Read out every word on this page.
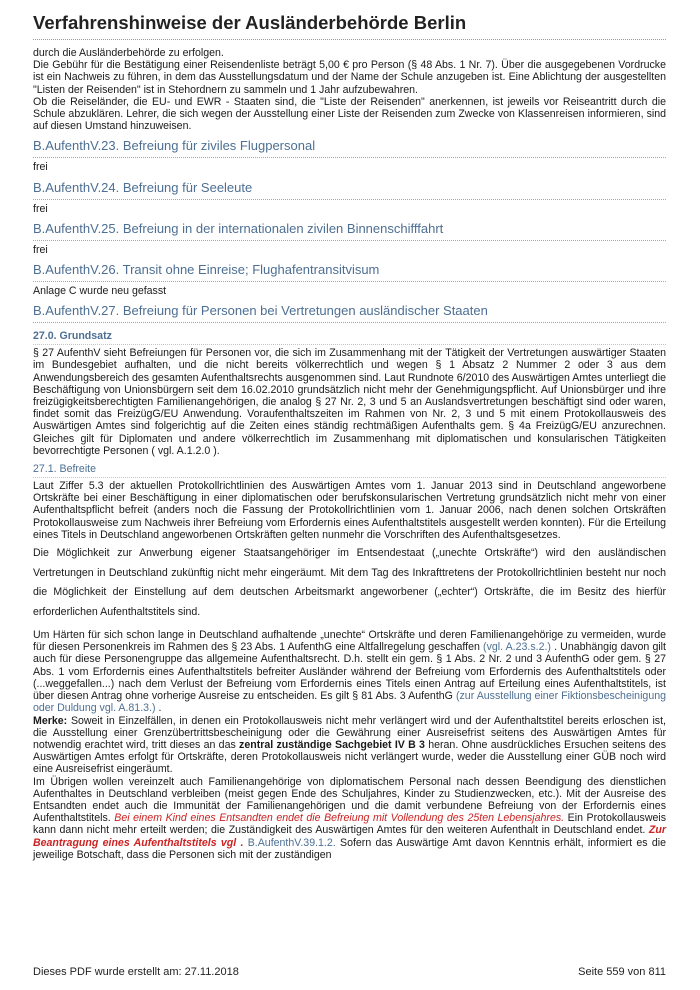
Verfahrenshinweise der Ausländerbehörde Berlin

durch die Ausländerbehörde zu erfolgen.

Die Gebühr für die Bestätigung einer Reisendenliste beträgt 5,00 € pro Person (§ 48 Abs. 1 Nr. 7). Über die ausgegebenen Vordrucke ist ein Nachweis zu führen, in dem das Ausstellungsdatum und der Name der Schule anzugeben ist. Eine Ablichtung der ausgestellten "Listen der Reisenden" ist in Stehordnern zu sammeln und 1 Jahr aufzubewahren.

Ob die Reiseländer, die EU- und EWR - Staaten sind, die "Liste der Reisenden" anerkennen, ist jeweils vor Reiseantritt durch die Schule abzuklären. Lehrer, die sich wegen der Ausstellung einer Liste der Reisenden zum Zwecke von Klassenreisen informieren, sind auf diesen Umstand hinzuweisen.

B.AufenthV.23. Befreiung für ziviles Flugpersonal

frei

B.AufenthV.24. Befreiung für Seeleute

frei

B.AufenthV.25. Befreiung in der internationalen zivilen Binnenschifffahrt

frei

B.AufenthV.26. Transit ohne Einreise; Flughafentransitvisum

Anlage C wurde neu gefasst

B.AufenthV.27. Befreiung für Personen bei Vertretungen ausländischer Staaten
27.0. Grundsatz

§ 27 AufenthV sieht Befreiungen für Personen vor, die sich im Zusammenhang mit der Tätigkeit der Vertretungen auswärtiger Staaten im Bundesgebiet aufhalten, und die nicht bereits völkerrechtlich und wegen § 1 Absatz 2 Nummer 2 oder 3 aus dem Anwendungsbereich des gesamten Aufenthaltsrechts ausgenommen sind. Laut Rundnote 6/2010 des Auswärtigen Amtes unterliegt die Beschäftigung von Unionsbürgern seit dem 16.02.2010 grundsätzlich nicht mehr der Genehmigungspflicht. Auf Unionsbürger und ihre freizügigkeitsberechtigten Familienangehörigen, die analog § 27 Nr. 2, 3 und 5 an Auslandsvertretungen beschäftigt sind oder waren, findet somit das FreizügG/EU Anwendung. Voraufenthaltszeiten im Rahmen von Nr. 2, 3 und 5 mit einem Protokollausweis des Auswärtigen Amtes sind folgerichtig auf die Zeiten eines ständig rechtmäßigen Aufenthalts gem. § 4a FreizügG/EU anzurechnen. Gleiches gilt für Diplomaten und andere völkerrechtlich im Zusammenhang mit diplomatischen und konsularischen Tätigkeiten bevorrechtigte Personen ( vgl. A.1.2.0 ).

27.1. Befreite

Laut Ziffer 5.3 der aktuellen Protokollrichtlinien des Auswärtigen Amtes vom 1. Januar 2013 sind in Deutschland angeworbene Ortskräfte bei einer Beschäftigung in einer diplomatischen oder berufskonsularischen Vertretung grundsätzlich nicht mehr von einer Aufenthaltspflicht befreit (anders noch die Fassung der Protokollrichtlinien vom 1. Januar 2006, nach denen solchen Ortskräften Protokollausweise zum Nachweis ihrer Befreiung vom Erfordernis eines Aufenthaltstitels ausgestellt werden konnten). Für die Erteilung eines Titels in Deutschland angeworbenen Ortskräften gelten nunmehr die Vorschriften des Aufenthaltsgesetzes.

Die Möglichkeit zur Anwerbung eigener Staatsangehöriger im Entsendestaat („unechte Ortskräfte“) wird den ausländischen Vertretungen in Deutschland zukünftig nicht mehr eingeräumt. Mit dem Tag des Inkrafttretens der Protokollrichtlinien besteht nur noch die Möglichkeit der Einstellung auf dem deutschen Arbeitsmarkt angeworbener („echter“) Ortskräfte, die im Besitz des hierfür erforderlichen Aufenthaltstitels sind.

Um Härten für sich schon lange in Deutschland aufhaltende „unechte“ Ortskräfte und deren Familienangehörige zu vermeiden, wurde für diesen Personenkreis im Rahmen des § 23 Abs. 1 AufenthG eine Altfallregelung geschaffen (vgl. A.23.s.2.) . Unabhängig davon gilt auch für diese Personengruppe das allgemeine Aufenthaltsrecht. D.h. stellt ein gem. § 1 Abs. 2 Nr. 2 und 3 AufenthG oder gem. § 27 Abs. 1 vom Erfordernis eines Aufenthaltstitels befreiter Ausländer während der Befreiung vom Erfordernis des Aufenthaltstitels oder (...weggefallen...) nach dem Verlust der Befreiung vom Erfordernis eines Titels einen Antrag auf Erteilung eines Aufenthaltstitels, ist über diesen Antrag ohne vorherige Ausreise zu entscheiden. Es gilt § 81 Abs. 3 AufenthG (zur Ausstellung einer Fiktionsbescheinigung oder Duldung vgl. A.81.3.) .
Merke: Soweit in Einzelfällen, in denen ein Protokollausweis nicht mehr verlängert wird und der Aufenthaltstitel bereits erloschen ist, die Ausstellung einer Grenzübertrittsbescheinigung oder die Gewährung einer Ausreisefrist seitens des Auswärtigen Amtes für notwendig erachtet wird, tritt dieses an das zentral zuständige Sachgebiet IV B 3 heran. Ohne ausdrückliches Ersuchen seitens des Auswärtigen Amtes erfolgt für Ortskräfte, deren Protokollausweis nicht verlängert wurde, weder die Ausstellung einer GÜB noch wird eine Ausreisefrist eingeräumt.
Im Übrigen wollen vereinzelt auch Familienangehörige von diplomatischem Personal nach dessen Beendigung des dienstlichen Aufenthaltes in Deutschland verbleiben (meist gegen Ende des Schuljahres, Kinder zu Studienzwecken, etc.). Mit der Ausreise des Entsandten endet auch die Immunität der Familienangehörigen und die damit verbundene Befreiung von der Erfordernis eines Aufenthaltstitels. Bei einem Kind eines Entsandten endet die Befreiung mit Vollendung des 25ten Lebensjahres. Ein Protokollausweis kann dann nicht mehr erteilt werden; die Zuständigkeit des Auswärtigen Amtes für den weiteren Aufenthalt in Deutschland endet. Zur Beantragung eines Aufenthaltstitels vgl . B.AufenthV.39.1.2. Sofern das Auswärtige Amt davon Kenntnis erhält, informiert es die jeweilige Botschaft, dass die Personen sich mit der zuständigen

Dieses PDF wurde erstellt am: 27.11.2018	Seite 559 von 811
